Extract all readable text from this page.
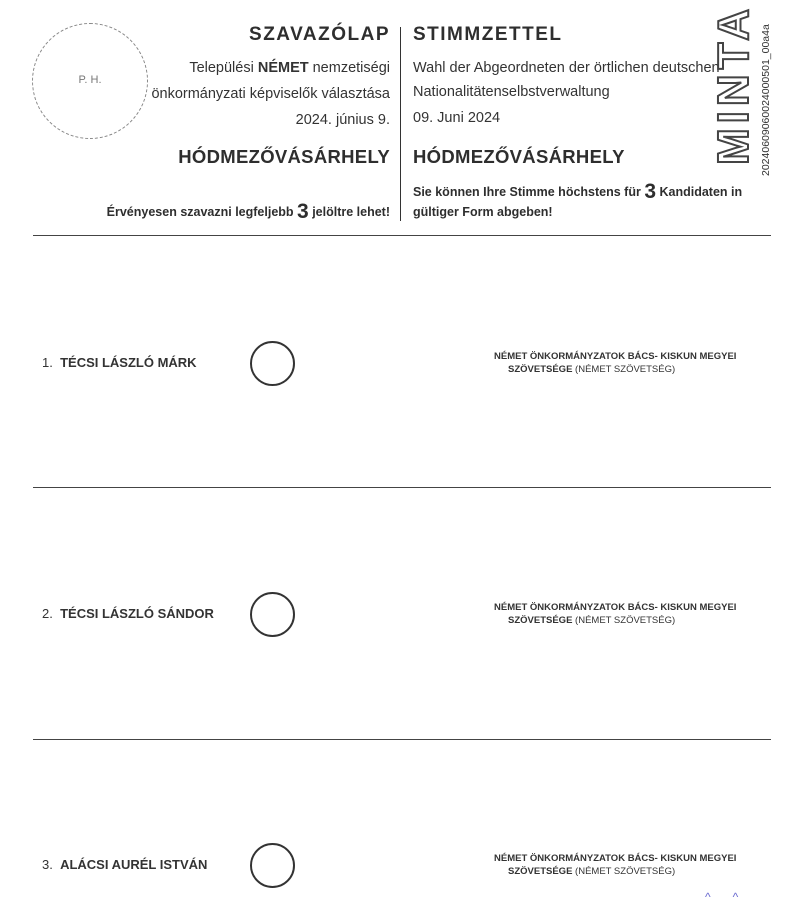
P. H.
SZAVAZÓLAP
Települési NÉMET nemzetiségi
önkormányzati képviselők választása
2024. június 9.
HÓDMEZŐVÁSÁRHELY
Érvényesen szavazni legfeljebb 3 jelöltre lehet!
STIMMZETTEL
Wahl der Abgeordneten der örtlichen deutschen
Nationalitätenselbstverwaltung
09. Juni 2024
HÓDMEZŐVÁSÁRHELY
Sie können Ihre Stimme höchstens für 3 Kandidaten in
gültiger Form abgeben!
MINTA 20240609060024000501_00a4a
1. TÉCSI LÁSZLÓ MÁRK	NÉMET ÖNKORMÁNYZATOK BÁCS- KISKUN MEGYEI
SZÖVETSÉGE (NÉMET SZÖVETSÉG)
2. TÉCSI LÁSZLÓ SÁNDOR	NÉMET ÖNKORMÁNYZATOK BÁCS- KISKUN MEGYEI
SZÖVETSÉGE (NÉMET SZÖVETSÉG)
3. ALÁCSI AURÉL ISTVÁN	NÉMET ÖNKORMÁNYZATOK BÁCS- KISKUN MEGYEI
SZÖVETSÉGE (NÉMET SZÖVETSÉG)
^^
